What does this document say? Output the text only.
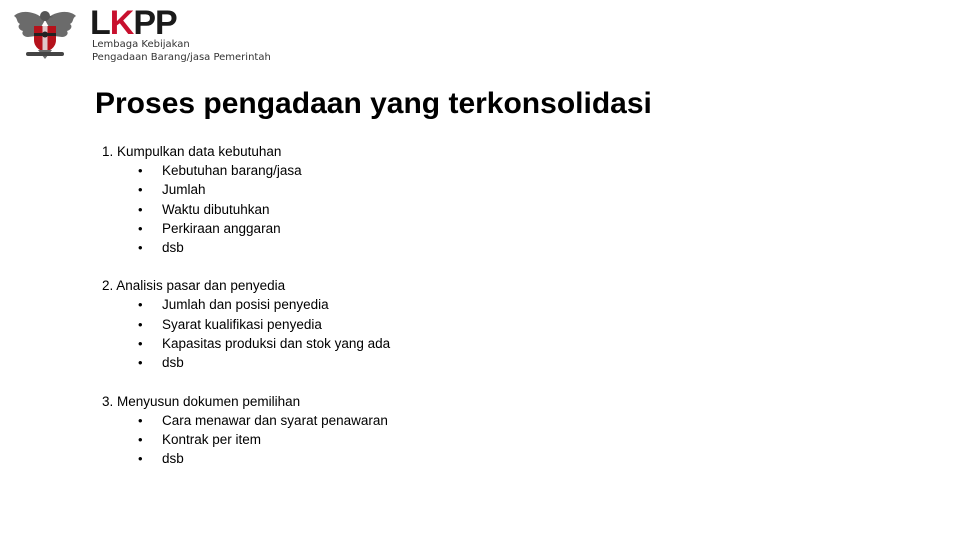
LKPP
Lembaga Kebijakan
Pengadaan Barang/jasa Pemerintah
Proses pengadaan yang terkonsolidasi
1. Kumpulkan data kebutuhan
• Kebutuhan barang/jasa
• Jumlah
• Waktu dibutuhkan
• Perkiraan anggaran
• dsb
2. Analisis pasar dan penyedia
• Jumlah dan posisi penyedia
• Syarat kualifikasi penyedia
• Kapasitas produksi dan stok yang ada
• dsb
3. Menyusun dokumen pemilihan
• Cara menawar dan syarat penawaran
• Kontrak per item
• dsb
